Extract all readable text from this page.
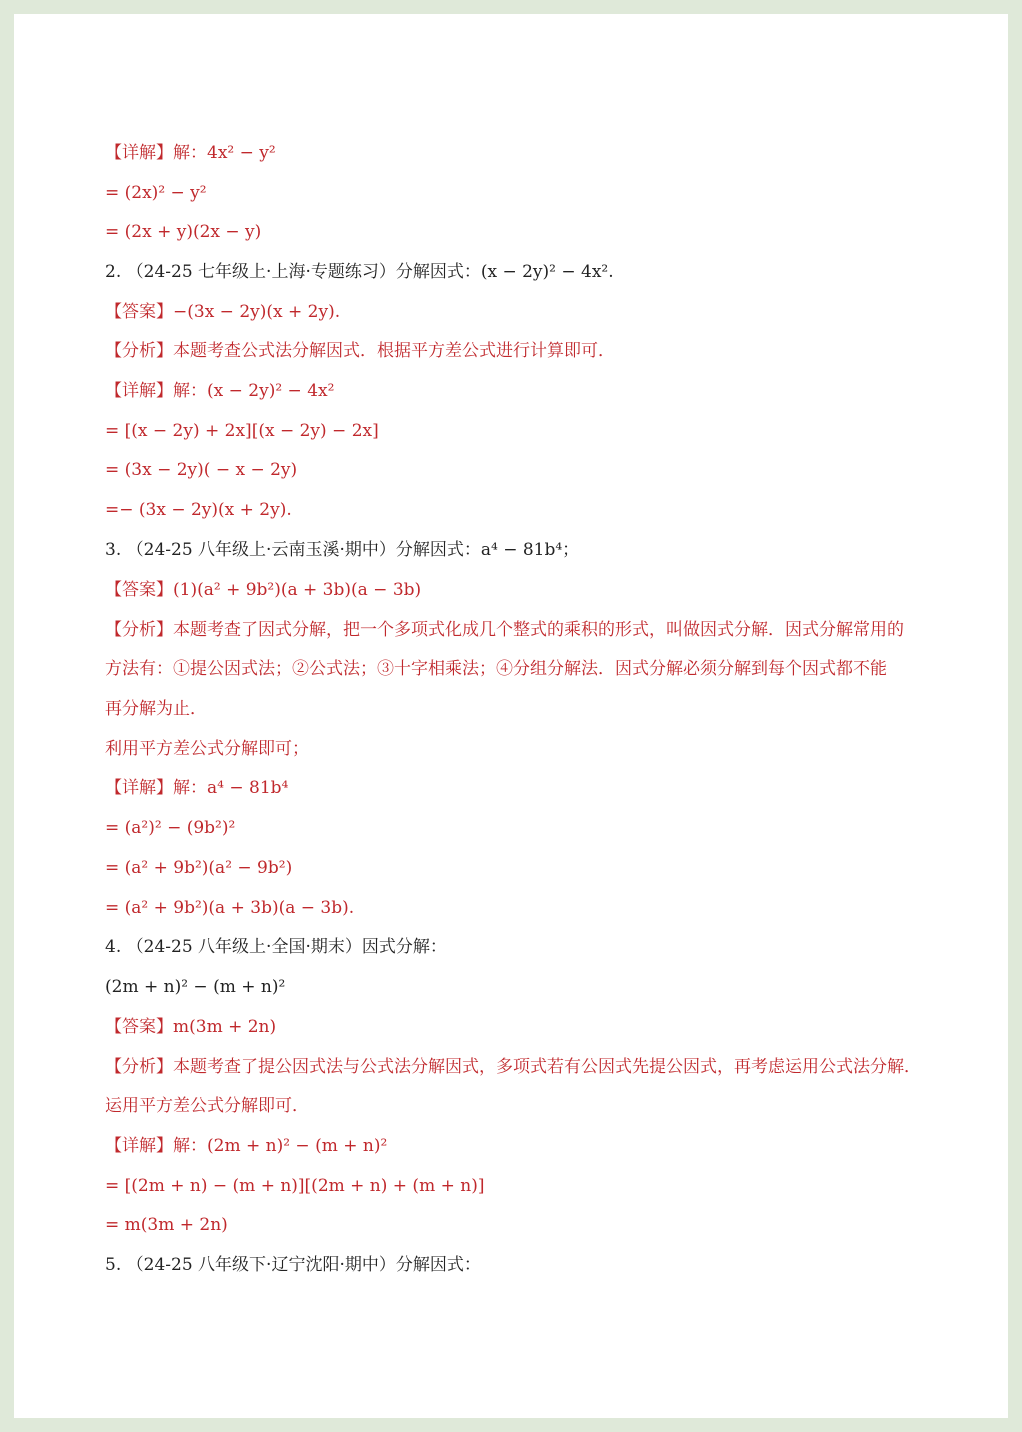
【详解】解：4x² − y²
= (2x)² − y²
= (2x + y)(2x − y)
2. （24-25 七年级上·上海·专题练习）分解因式：(x − 2y)² − 4x².
【答案】−(3x − 2y)(x + 2y).
【分析】本题考查公式法分解因式．根据平方差公式进行计算即可．
【详解】解：(x − 2y)² − 4x²
= [(x − 2y) + 2x][(x − 2y) − 2x]
= (3x − 2y)( − x − 2y)
=− (3x − 2y)(x + 2y).
3. （24-25 八年级上·云南玉溪·期中）分解因式：a⁴ − 81b⁴；
【答案】(1)(a² + 9b²)(a + 3b)(a − 3b)
【分析】本题考查了因式分解，把一个多项式化成几个整式的乘积的形式，叫做因式分解．因式分解常用的
方法有：①提公因式法；②公式法；③十字相乘法；④分组分解法．因式分解必须分解到每个因式都不能
再分解为止．
利用平方差公式分解即可；
【详解】解：a⁴ − 81b⁴
= (a²)² − (9b²)²
= (a² + 9b²)(a² − 9b²)
= (a² + 9b²)(a + 3b)(a − 3b).
4. （24-25 八年级上·全国·期末）因式分解：
(2m + n)² − (m + n)²
【答案】m(3m + 2n)
【分析】本题考查了提公因式法与公式法分解因式，多项式若有公因式先提公因式，再考虑运用公式法分解．
运用平方差公式分解即可．
【详解】解：(2m + n)² − (m + n)²
= [(2m + n) − (m + n)][(2m + n) + (m + n)]
= m(3m + 2n)
5. （24-25 八年级下·辽宁沈阳·期中）分解因式：
